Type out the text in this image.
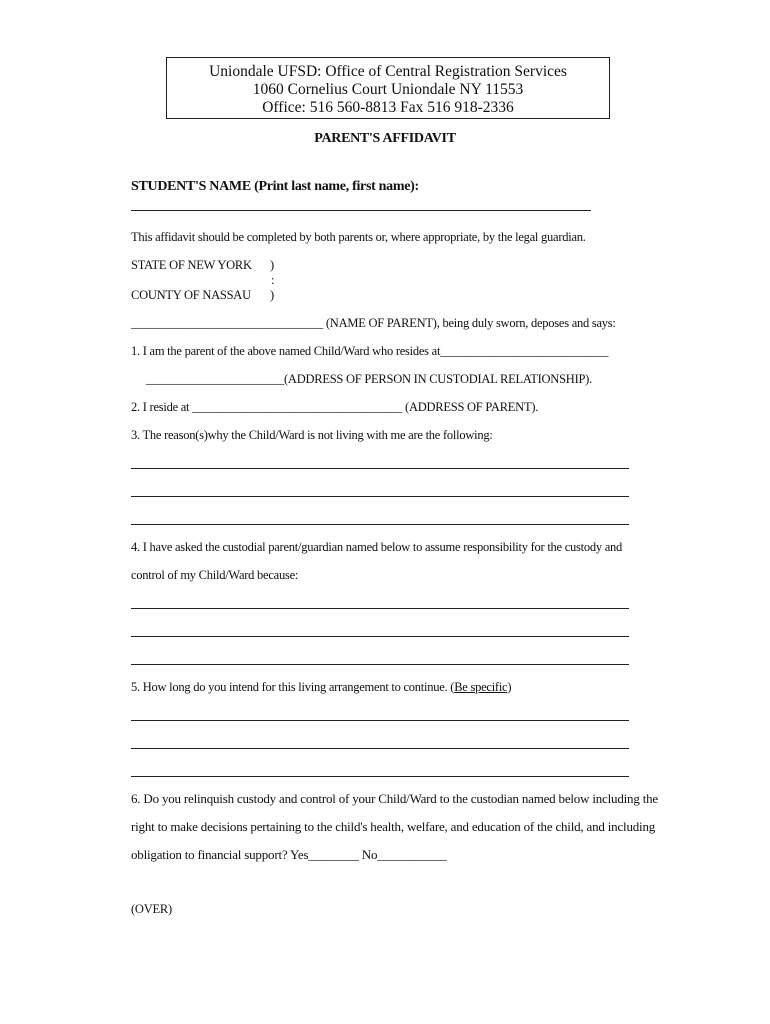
Uniondale UFSD: Office of Central Registration Services
1060 Cornelius Court Uniondale NY 11553
Office: 516 560-8813 Fax 516 918-2336
PARENT'S AFFIDAVIT
STUDENT'S NAME (Print last name, first name):
This affidavit should be completed by both parents or, where appropriate, by the legal guardian.
STATE OF NEW YORK )
:
COUNTY OF NASSAU )
________________________________ (NAME OF PARENT), being duly sworn, deposes and says:
1. I am the parent of the above named Child/Ward who resides at____________________________
_______________________(ADDRESS OF PERSON IN CUSTODIAL RELATIONSHIP).
2. I reside at ___________________________________ (ADDRESS OF PARENT).
3. The reason(s)why the Child/Ward is not living with me are the following:
4. I have asked the custodial parent/guardian named below to assume responsibility for the custody and
control of my Child/Ward because:
5. How long do you intend for this living arrangement to continue. (Be specific)
6. Do you relinquish custody and control of your Child/Ward to the custodian named below including the
right to make decisions pertaining to the child's health, welfare, and education of the child, and including
obligation to financial support? Yes________ No___________
(OVER)
